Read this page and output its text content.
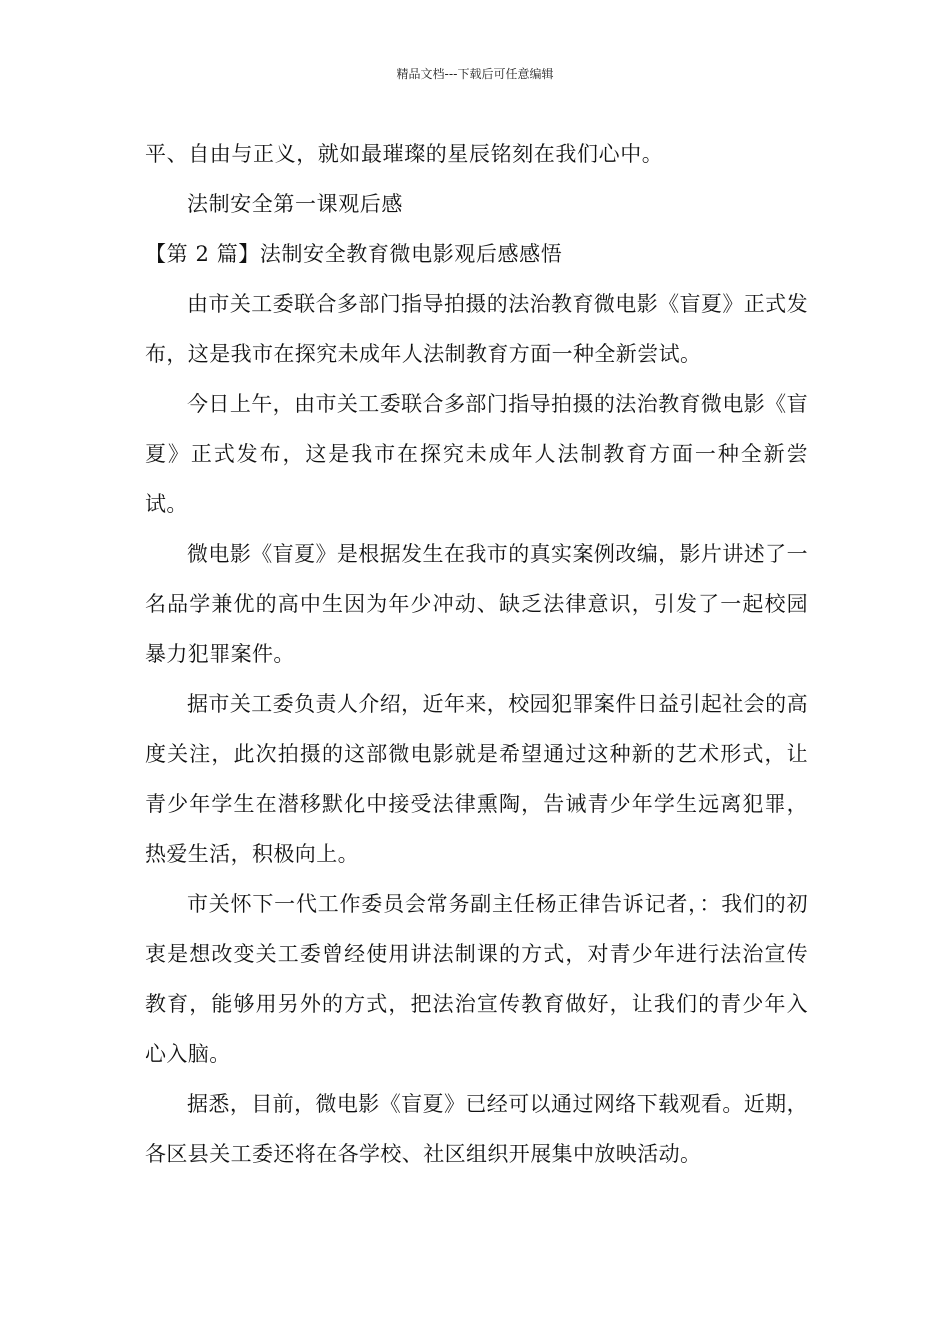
精品文档---下载后可任意编辑
平、自由与正义，就如最璀璨的星辰铭刻在我们心中。
法制安全第一课观后感
【第 2 篇】法制安全教育微电影观后感感悟

由市关工委联合多部门指导拍摄的法治教育微电影《盲夏》正式发布，这是我市在探究未成年人法制教育方面一种全新尝试。

今日上午，由市关工委联合多部门指导拍摄的法治教育微电影《盲夏》正式发布，这是我市在探究未成年人法制教育方面一种全新尝试。

微电影《盲夏》是根据发生在我市的真实案例改编，影片讲述了一名品学兼优的高中生因为年少冲动、缺乏法律意识，引发了一起校园暴力犯罪案件。

据市关工委负责人介绍，近年来，校园犯罪案件日益引起社会的高度关注，此次拍摄的这部微电影就是希望通过这种新的艺术形式，让青少年学生在潜移默化中接受法律熏陶，告诫青少年学生远离犯罪，热爱生活，积极向上。

市关怀下一代工作委员会常务副主任杨正律告诉记者，：我们的初衷是想改变关工委曾经使用讲法制课的方式，对青少年进行法治宣传教育，能够用另外的方式，把法治宣传教育做好，让我们的青少年入心入脑。

据悉，目前，微电影《盲夏》已经可以通过网络下载观看。近期，各区县关工委还将在各学校、社区组织开展集中放映活动。
